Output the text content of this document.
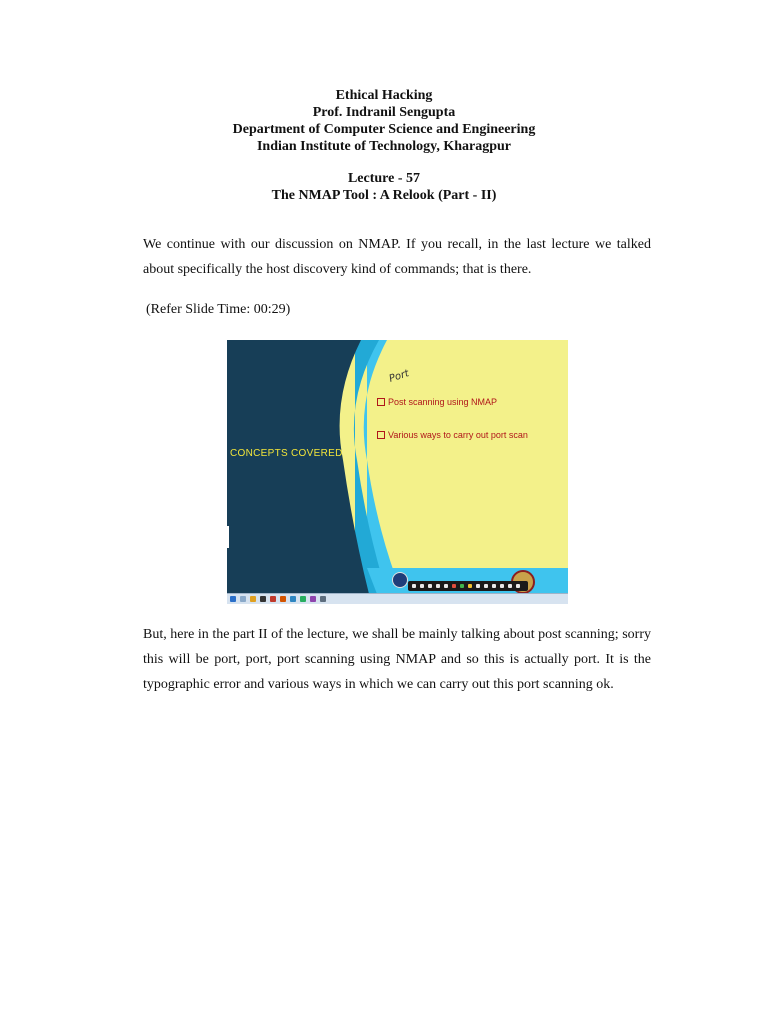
Ethical Hacking
Prof. Indranil Sengupta
Department of Computer Science and Engineering
Indian Institute of Technology, Kharagpur
Lecture - 57
The NMAP Tool : A Relook (Part - II)

We continue with our discussion on NMAP. If you recall, in the last lecture we talked about specifically the host discovery kind of commands; that is there.

(Refer Slide Time: 00:29)
CONCEPTS COVERED
Port
Post scanning using NMAP
Various ways to carry out port scan

But, here in the part II of the lecture, we shall be mainly talking about post scanning; sorry this will be port, port, port scanning using NMAP and so this is actually port. It is the typographic error and various ways in which we can carry out this port scanning ok.
